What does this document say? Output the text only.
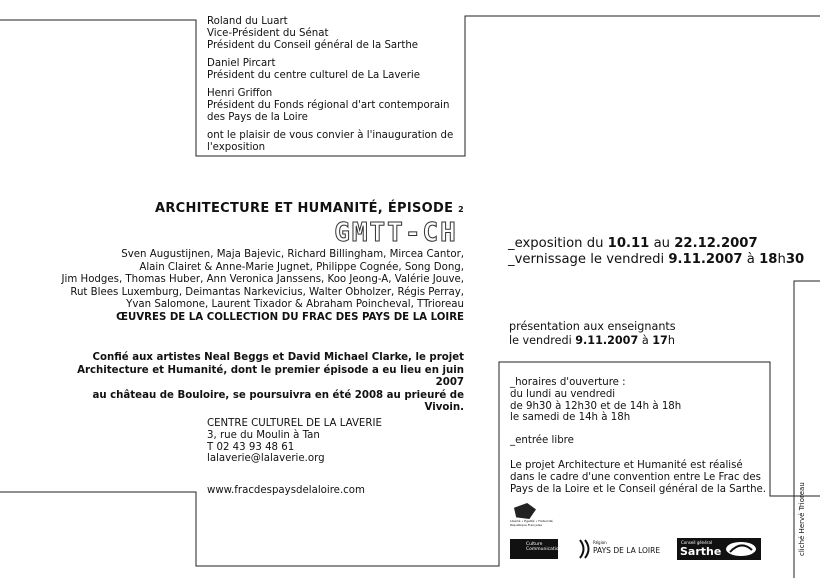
Roland du Luart
Vice-Président du Sénat
Président du Conseil général de la Sarthe

Daniel Pircart
Président du centre culturel de La Laverie

Henri Griffon
Président du Fonds régional d'art contemporain
des Pays de la Loire

ont le plaisir de vous convier à l'inauguration de
l'exposition

ARCHITECTURE ET HUMANITÉ, ÉPISODE 2
GMTT-CH
Sven Augustijnen, Maja Bajevic, Richard Billingham, Mircea Cantor,
Alain Clairet & Anne-Marie Jugnet, Philippe Cognée, Song Dong,
Jim Hodges, Thomas Huber, Ann Veronica Janssens, Koo Jeong-A, Valérie Jouve,
Rut Blees Luxemburg, Deimantas Narkevicius, Walter Obholzer, Régis Perray,
Yvan Salomone, Laurent Tixador & Abraham Poincheval, TTrioreau
ŒUVRES DE LA COLLECTION DU FRAC DES PAYS DE LA LOIRE
Confié aux artistes Neal Beggs et David Michael Clarke, le projet
Architecture et Humanité, dont le premier épisode a eu lieu en juin 2007
au château de Bouloire, se poursuivra en été 2008 au prieuré de Vivoin.
CENTRE CULTUREL DE LA LAVERIE
3, rue du Moulin à Tan
T 02 43 93 48 61
lalaverie@lalaverie.org
www.fracdespaysdelaloire.com
_exposition du 10.11 au 22.12.2007
_vernissage le vendredi 9.11.2007 à 18h30
présentation aux enseignants
le vendredi 9.11.2007 à 17h
_horaires d'ouverture :
du lundi au vendredi
de 9h30 à 12h30 et de 14h à 18h
le samedi de 14h à 18h
_entrée libre
Le projet Architecture et Humanité est réalisé dans le cadre d'une convention entre Le Frac des Pays de la Loire et le Conseil général de la Sarthe.
Liberté • Égalité • Fraternité
République Française
Culture
Communication
Région
PAYS DE LA LOIRE
Conseil général
Sarthe	cliché Hervé Trioreau
